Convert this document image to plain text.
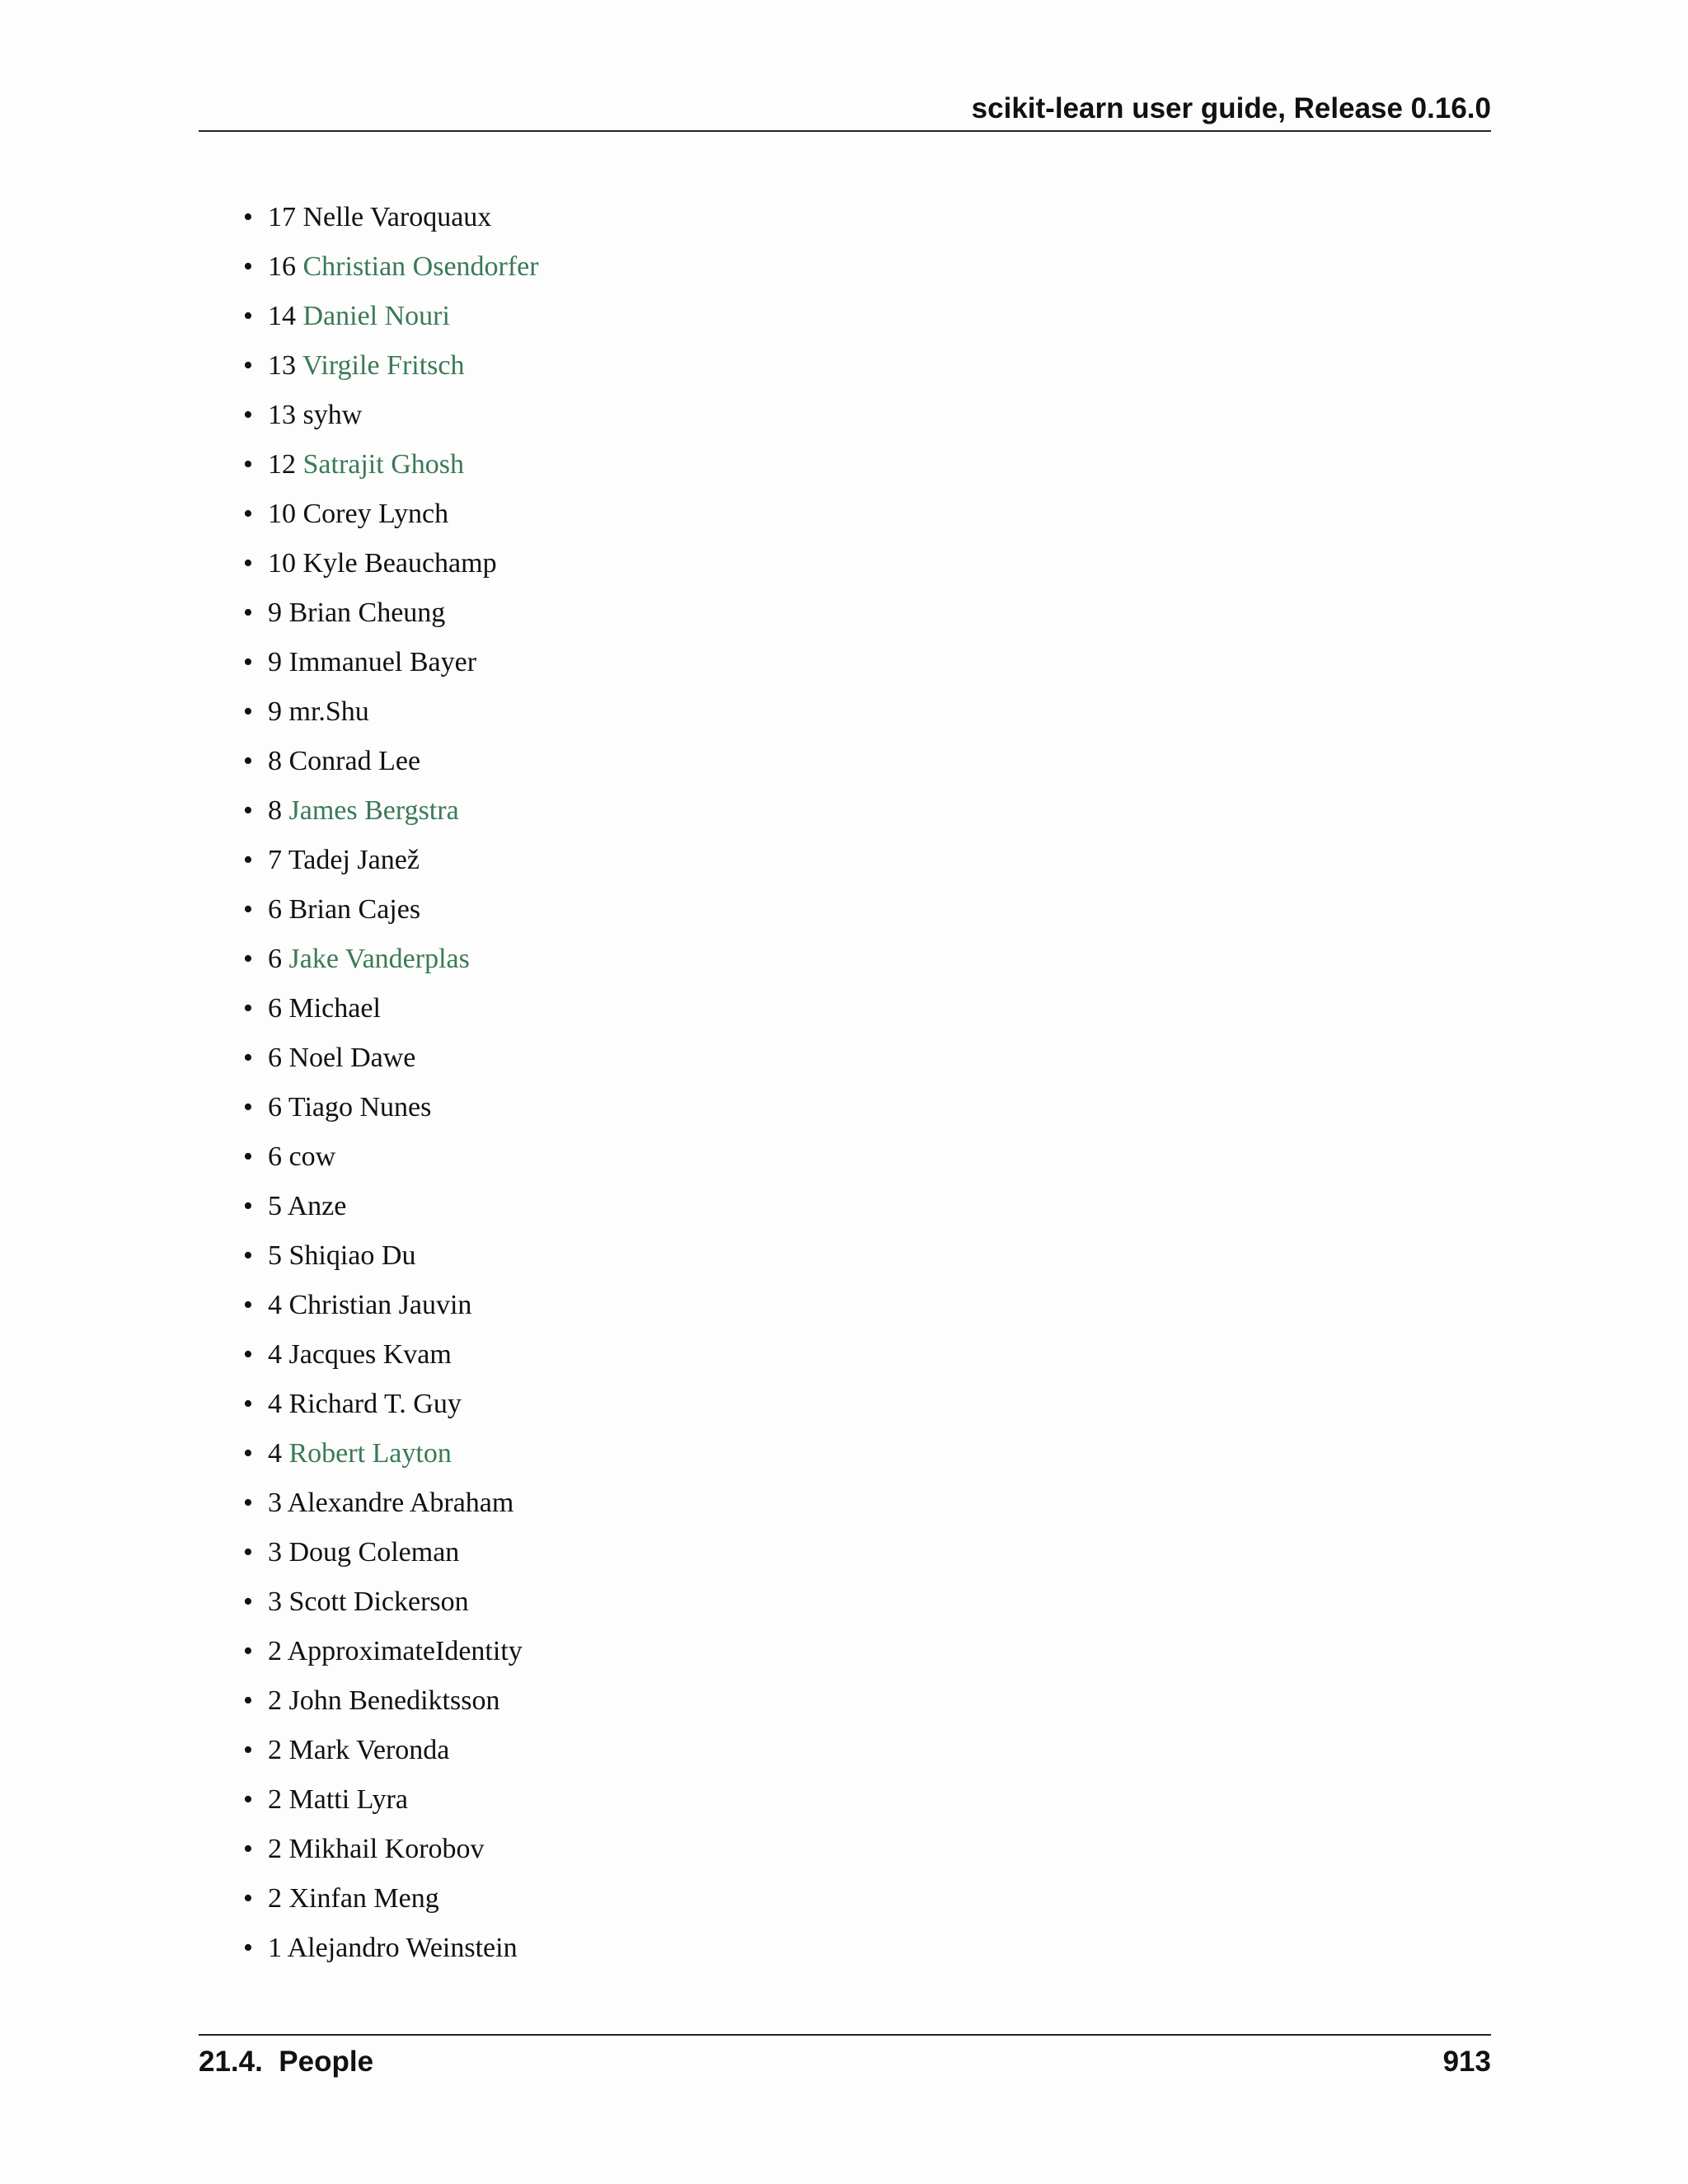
scikit-learn user guide, Release 0.16.0
• 17 Nelle Varoquaux
• 16 Christian Osendorfer
• 14 Daniel Nouri
• 13 Virgile Fritsch
• 13 syhw
• 12 Satrajit Ghosh
• 10 Corey Lynch
• 10 Kyle Beauchamp
• 9 Brian Cheung
• 9 Immanuel Bayer
• 9 mr.Shu
• 8 Conrad Lee
• 8 James Bergstra
• 7 Tadej Janež
• 6 Brian Cajes
• 6 Jake Vanderplas
• 6 Michael
• 6 Noel Dawe
• 6 Tiago Nunes
• 6 cow
• 5 Anze
• 5 Shiqiao Du
• 4 Christian Jauvin
• 4 Jacques Kvam
• 4 Richard T. Guy
• 4 Robert Layton
• 3 Alexandre Abraham
• 3 Doug Coleman
• 3 Scott Dickerson
• 2 ApproximateIdentity
• 2 John Benediktsson
• 2 Mark Veronda
• 2 Matti Lyra
• 2 Mikhail Korobov
• 2 Xinfan Meng
• 1 Alejandro Weinstein
21.4.  People	913
